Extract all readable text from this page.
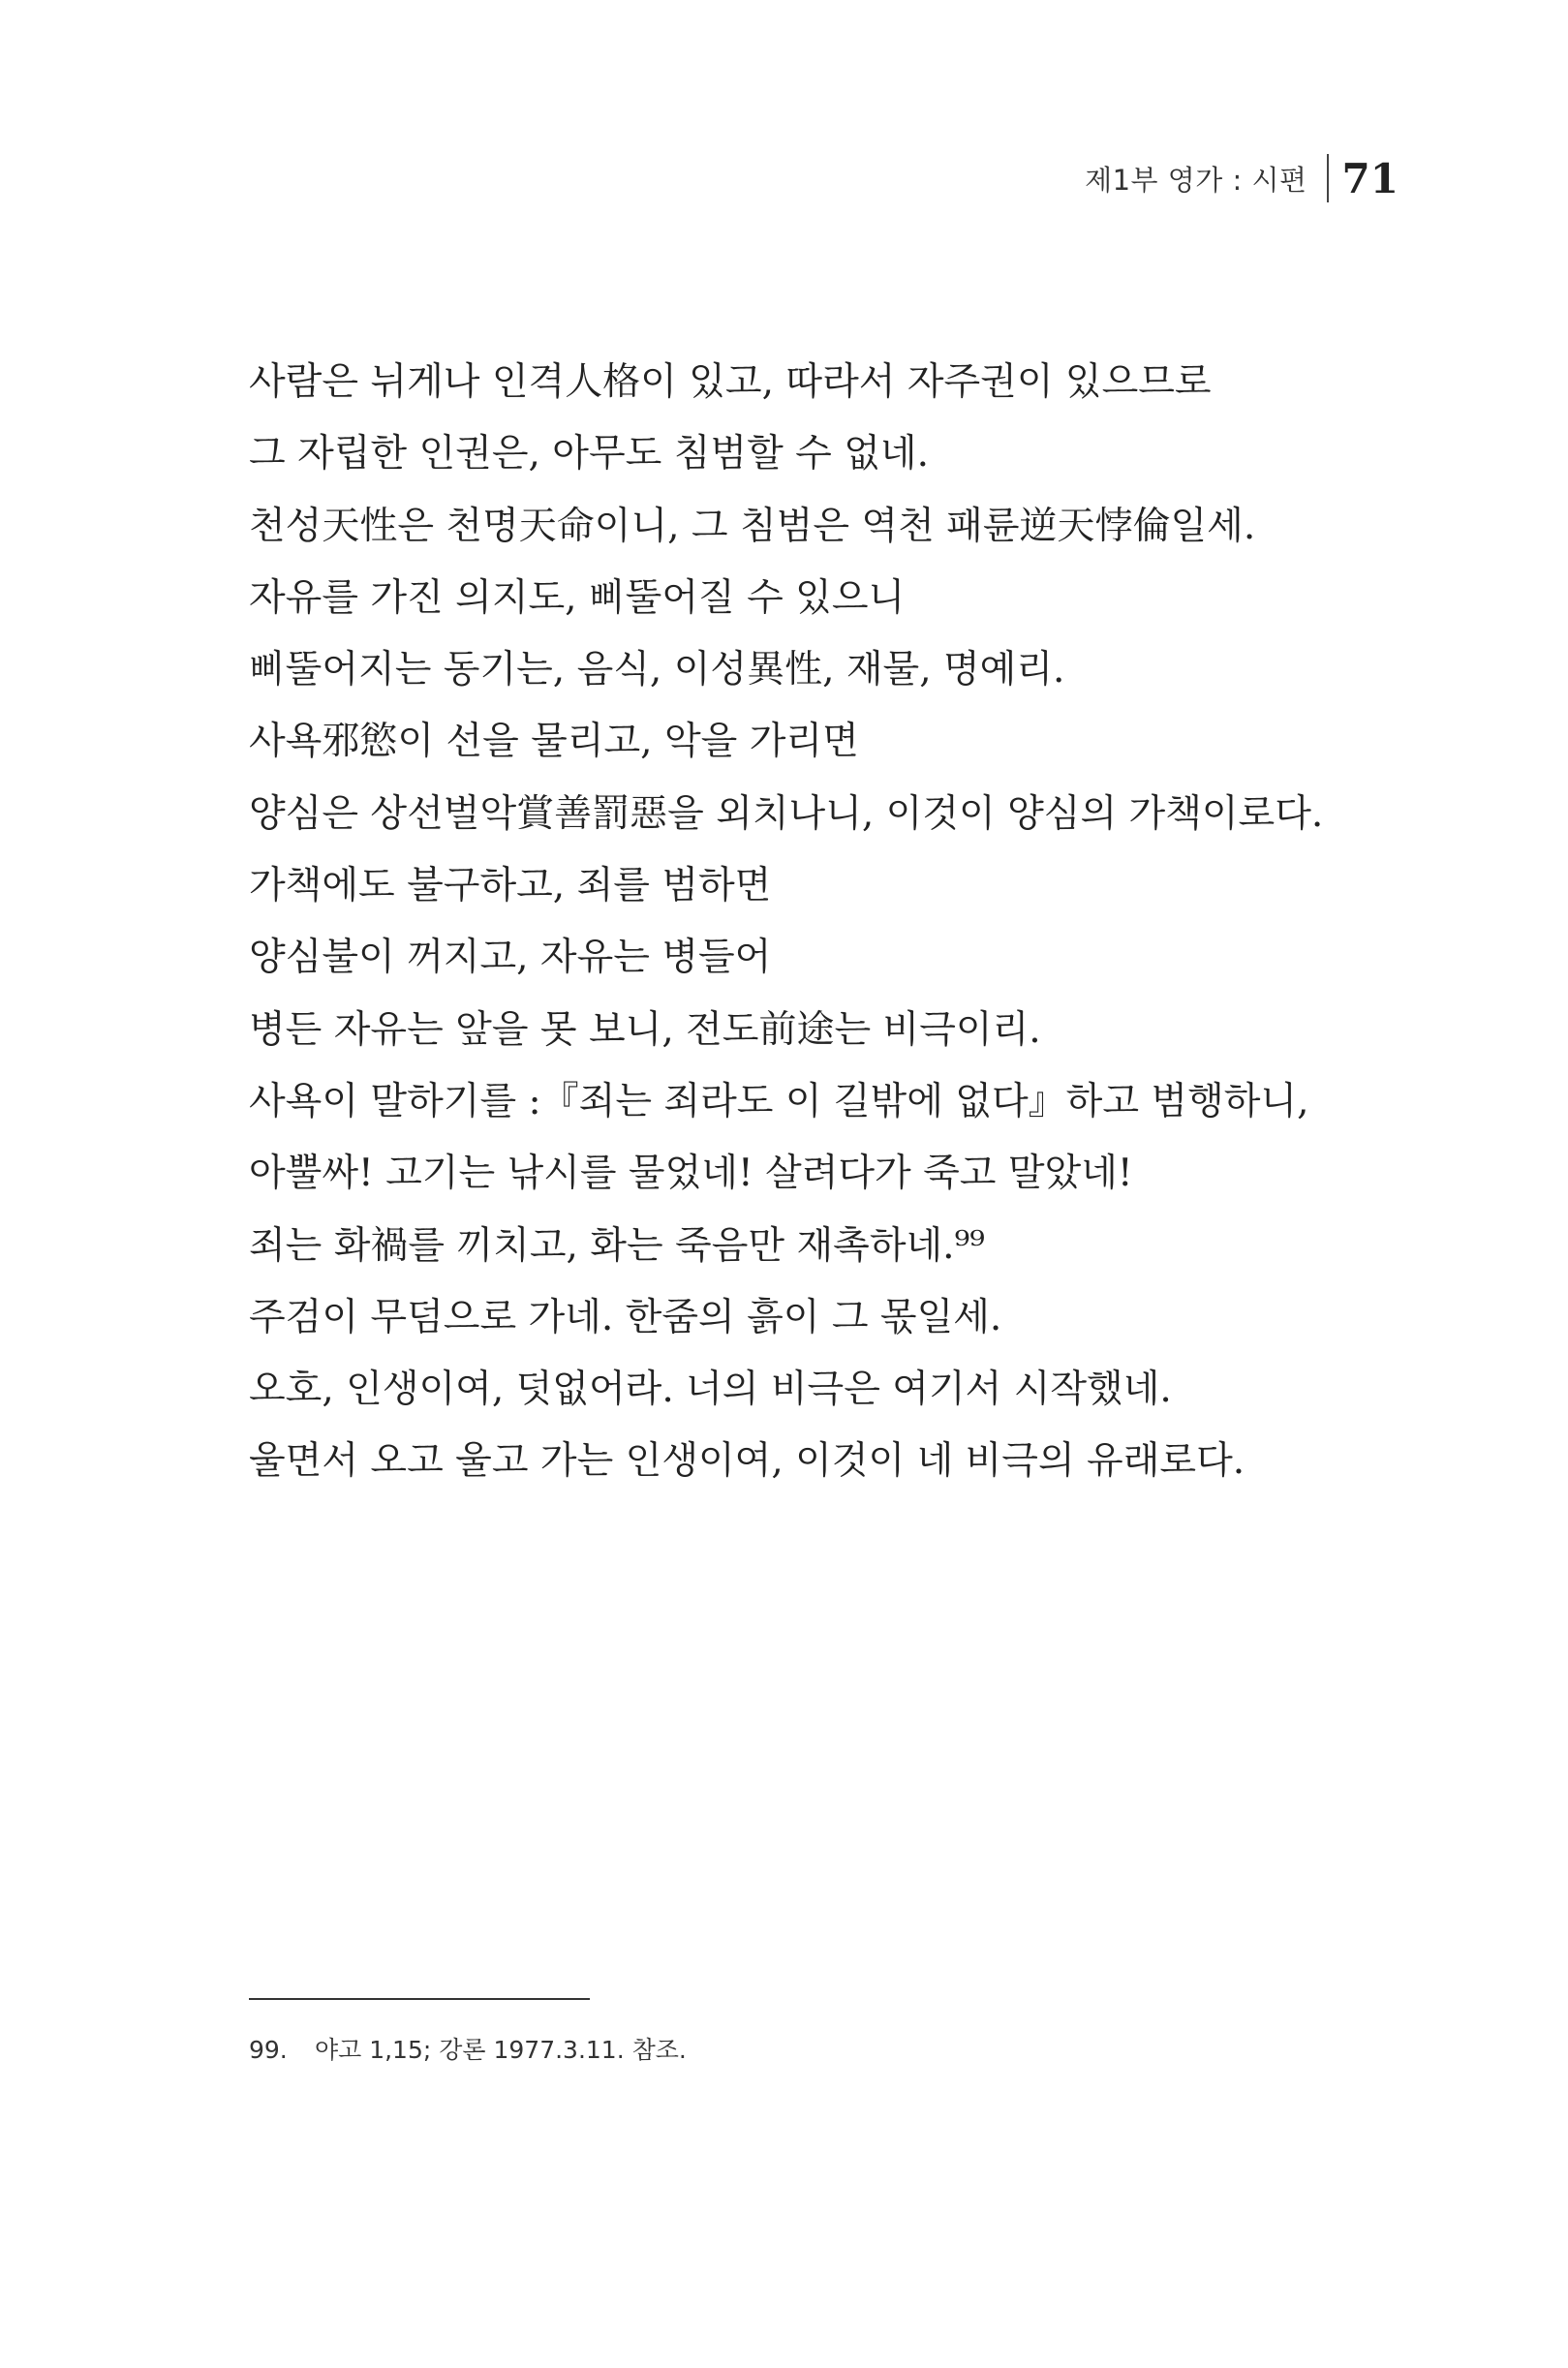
제1부 영가 : 시편 71
사람은 뉘게나 인격人格이 있고, 따라서 자주권이 있으므로
그 자립한 인권은, 아무도 침범할 수 없네.
천성天性은 천명天命이니, 그 침범은 역천 패륜逆天悖倫일세.
자유를 가진 의지도, 삐뚤어질 수 있으니
삐뚤어지는 동기는, 음식, 이성異性, 재물, 명예리.
사욕邪慾이 선을 물리고, 악을 가리면
양심은 상선벌악賞善罰惡을 외치나니, 이것이 양심의 가책이로다.
가책에도 불구하고, 죄를 범하면
양심불이 꺼지고, 자유는 병들어
병든 자유는 앞을 못 보니, 전도前途는 비극이리.
사욕이 말하기를 :『죄는 죄라도 이 길밖에 없다』하고 범행하니,
아뿔싸! 고기는 낚시를 물었네! 살려다가 죽고 말았네!
죄는 화禍를 끼치고, 화는 죽음만 재촉하네.⁹⁹
주검이 무덤으로 가네. 한줌의 흙이 그 몫일세.
오호, 인생이여, 덧없어라. 너의 비극은 여기서 시작했네.
울면서 오고 울고 가는 인생이여, 이것이 네 비극의 유래로다.
99. 야고 1,15; 강론 1977.3.11. 참조.
